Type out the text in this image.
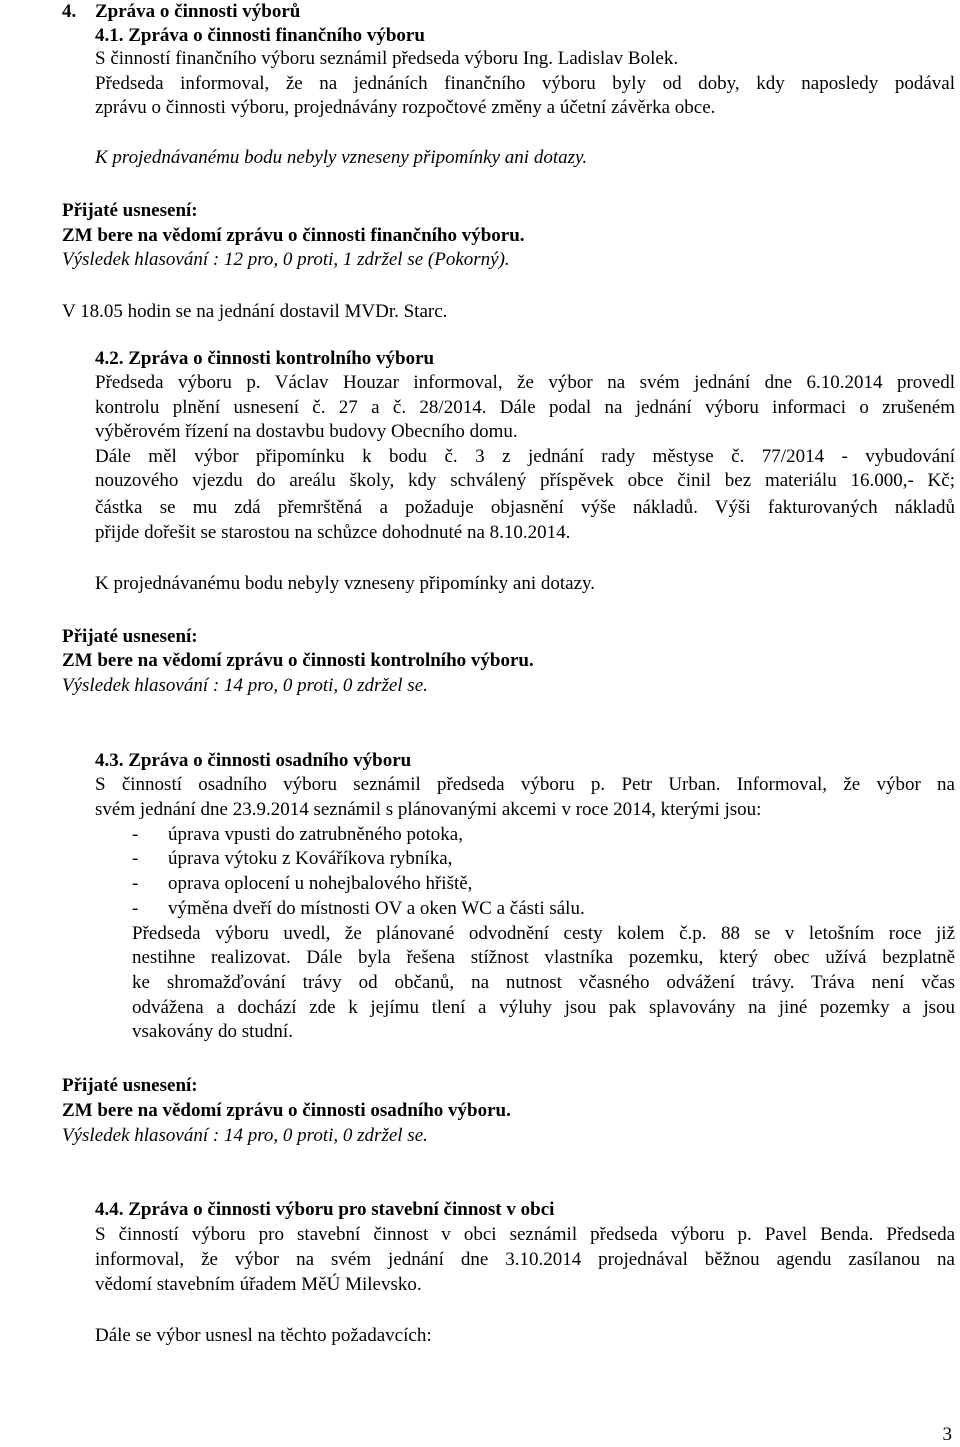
4. Zpráva o činnosti výborů
4.1. Zpráva o činnosti finančního výboru
S činností finančního výboru seznámil předseda výboru Ing. Ladislav Bolek.
Předseda informoval, že na jednáních finančního výboru byly od doby, kdy naposledy podával
zprávu o činnosti výboru, projednávány rozpočtové změny a účetní závěrka obce.
K projednávanému bodu nebyly vzneseny připomínky ani dotazy.
Přijaté usnesení:
ZM bere na vědomí zprávu o činnosti finančního výboru.
Výsledek hlasování : 12 pro, 0 proti, 1 zdržel se (Pokorný).
V 18.05 hodin se na jednání dostavil MVDr. Starc.
4.2. Zpráva o činnosti kontrolního výboru
Předseda výboru p. Václav Houzar informoval, že výbor na svém jednání dne 6.10.2014 provedl
kontrolu plnění usnesení č. 27 a č. 28/2014. Dále podal na jednání výboru informaci o zrušeném
výběrovém řízení na dostavbu budovy Obecního domu.
Dále měl výbor připomínku k bodu č. 3 z jednání rady městyse č. 77/2014 - vybudování
nouzového vjezdu do areálu školy, kdy schválený příspěvek obce činil bez materiálu 16.000,- Kč;
částka se mu zdá přemrštěná a požaduje objasnění výše nákladů. Výši fakturovaných nákladů
přijde dořešit se starostou na schůzce dohodnuté na 8.10.2014.
K projednávanému bodu nebyly vzneseny připomínky ani dotazy.
Přijaté usnesení:
ZM bere na vědomí zprávu o činnosti kontrolního výboru.
Výsledek hlasování : 14 pro, 0 proti, 0 zdržel se.
4.3. Zpráva o činnosti osadního výboru
S činností osadního výboru seznámil předseda výboru p. Petr Urban. Informoval, že výbor na
svém jednání dne 23.9.2014 seznámil s plánovanými akcemi v roce 2014, kterými jsou:
- úprava vpusti do zatrubněného potoka,
- úprava výtoku z Kováříkova rybníka,
- oprava oplocení u nohejbalového hřiště,
- výměna dveří do místnosti OV a oken WC a části sálu.
Předseda výboru uvedl, že plánované odvodnění cesty kolem č.p. 88 se v letošním roce již
nestihne realizovat. Dále byla řešena stížnost vlastníka pozemku, který obec užívá bezplatně
ke shromažďování trávy od občanů, na nutnost včasného odvážení trávy. Tráva není včas
odvážena a dochází zde k jejímu tlení a výluhy jsou pak splavovány na jiné pozemky a jsou
vsakovány do studní.
Přijaté usnesení:
ZM bere na vědomí zprávu o činnosti osadního výboru.
Výsledek hlasování : 14 pro, 0 proti, 0 zdržel se.
4.4. Zpráva o činnosti výboru pro stavební činnost v obci
S činností výboru pro stavební činnost v obci seznámil předseda výboru p. Pavel Benda. Předseda
informoval, že výbor na svém jednání dne 3.10.2014 projednával běžnou agendu zasílanou na
vědomí stavebním úřadem MěÚ Milevsko.
Dále se výbor usnesl na těchto požadavcích:
3
